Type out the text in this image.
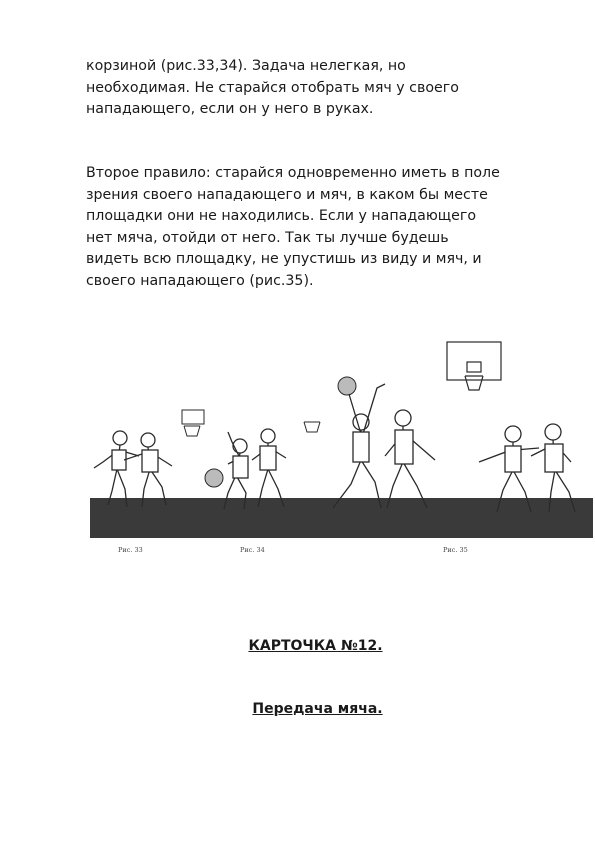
корзиной (рис.33,34). Задача нелегкая, но
необходимая. Не старайся отобрать мяч у своего
нападающего, если он у него в руках.
Второе правило: старайся одновременно иметь в поле
зрения своего нападающего и мяч, в каком бы месте
площадки они не находились. Если у нападающего
нет мяча, отойди от него. Так ты лучше будешь
видеть всю площадку, не упустишь из виду и мяч, и
своего нападающего (рис.35).
Рис. 33	Рис. 34	Рис. 35

КАРТОЧКА №12.

Передача мяча.
